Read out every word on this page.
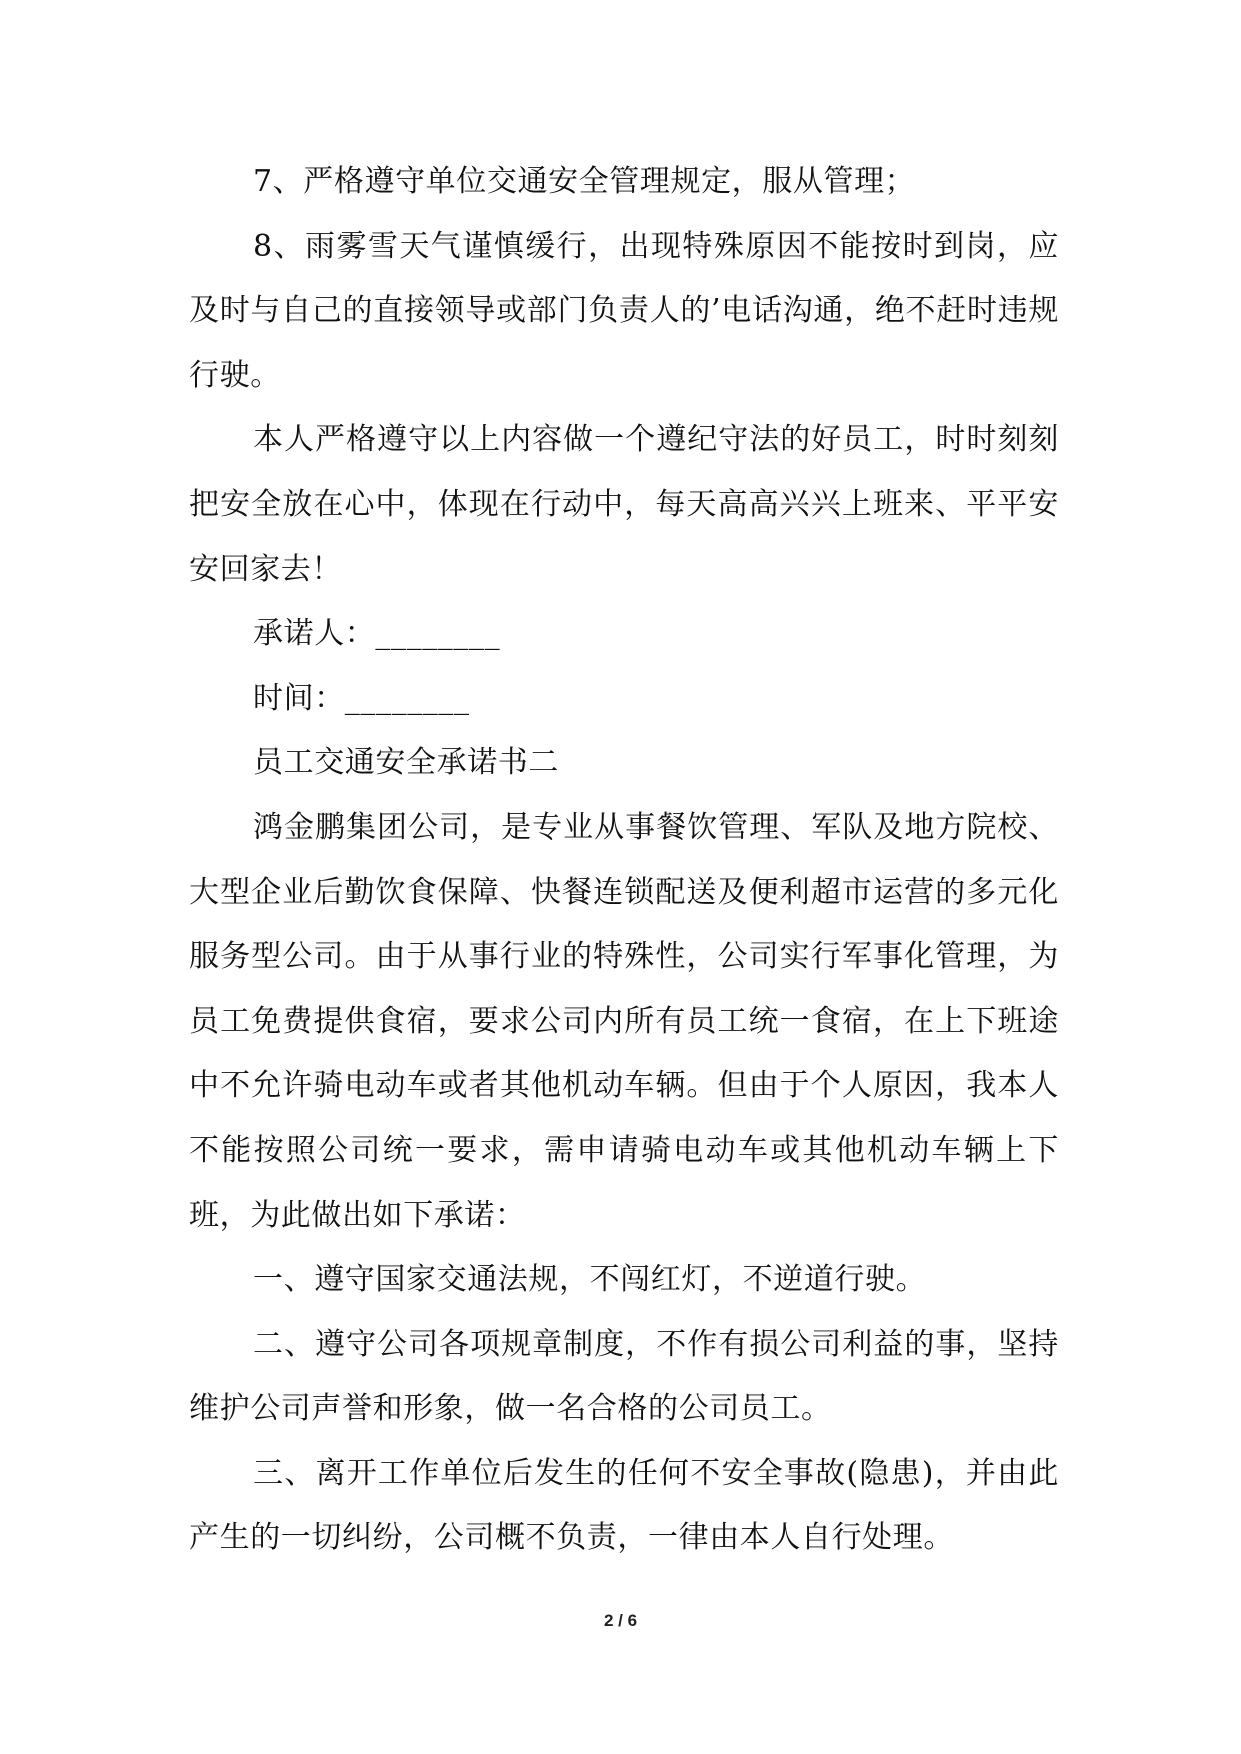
7、严格遵守单位交通安全管理规定，服从管理；

8、雨雾雪天气谨慎缓行，出现特殊原因不能按时到岗，应及时与自己的直接领导或部门负责人的’电话沟通，绝不赶时违规行驶。

本人严格遵守以上内容做一个遵纪守法的好员工，时时刻刻把安全放在心中，体现在行动中，每天高高兴兴上班来、平平安安回家去！

承诺人：________

时间：________

员工交通安全承诺书二

鸿金鹏集团公司，是专业从事餐饮管理、军队及地方院校、大型企业后勤饮食保障、快餐连锁配送及便利超市运营的多元化服务型公司。由于从事行业的特殊性，公司实行军事化管理，为员工免费提供食宿，要求公司内所有员工统一食宿，在上下班途中不允许骑电动车或者其他机动车辆。但由于个人原因，我本人不能按照公司统一要求，需申请骑电动车或其他机动车辆上下班，为此做出如下承诺：

一、遵守国家交通法规，不闯红灯，不逆道行驶。

二、遵守公司各项规章制度，不作有损公司利益的事，坚持维护公司声誉和形象，做一名合格的公司员工。

三、离开工作单位后发生的任何不安全事故(隐患)，并由此产生的一切纠纷，公司概不负责，一律由本人自行处理。

2 / 6
